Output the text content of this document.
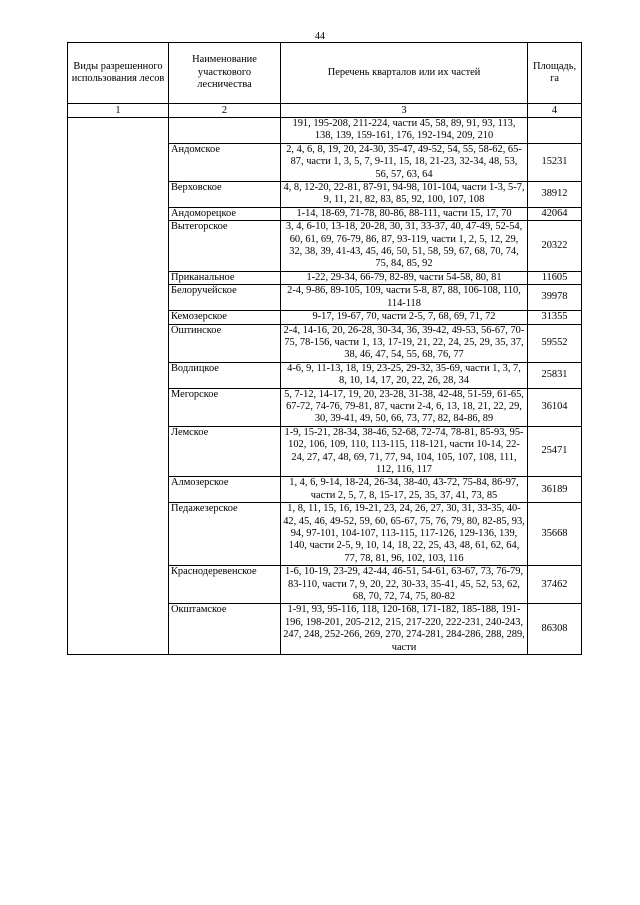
44
Виды разрешенного использования лесов	Наименование участкового лесничества	Перечень кварталов или их частей	Площадь, га
1	2	3	4
		191, 195-208, 211-224, части 45, 58, 89, 91, 93, 113, 138, 139, 159-161, 176, 192-194, 209, 210	
	Андомское	2, 4, 6, 8, 19, 20, 24-30, 35-47, 49-52, 54, 55, 58-62, 65-87, части 1, 3, 5, 7, 9-11, 15, 18, 21-23, 32-34, 48, 53, 56, 57, 63, 64	15231
	Верховское	4, 8, 12-20, 22-81, 87-91, 94-98, 101-104, части 1-3, 5-7, 9, 11, 21, 82, 83, 85, 92, 100, 107, 108	38912
	Андоморецкое	1-14, 18-69, 71-78, 80-86, 88-111, части 15, 17, 70	42064
	Вытегорское	3, 4, 6-10, 13-18, 20-28, 30, 31, 33-37, 40, 47-49, 52-54, 60, 61, 69, 76-79, 86, 87, 93-119, части 1, 2, 5, 12, 29, 32, 38, 39, 41-43, 45, 46, 50, 51, 58, 59, 67, 68, 70, 74, 75, 84, 85, 92	20322
	Приканальное	1-22, 29-34, 66-79, 82-89, части 54-58, 80, 81	11605
	Белоручейское	2-4, 9-86, 89-105, 109, части 5-8, 87, 88, 106-108, 110, 114-118	39978
	Кемозерское	9-17, 19-67, 70, части 2-5, 7, 68, 69, 71, 72	31355
	Оштинское	2-4, 14-16, 20, 26-28, 30-34, 36, 39-42, 49-53, 56-67, 70-75, 78-156, части 1, 13, 17-19, 21, 22, 24, 25, 29, 35, 37, 38, 46, 47, 54, 55, 68, 76, 77	59552
	Водлицкое	4-6, 9, 11-13, 18, 19, 23-25, 29-32, 35-69, части 1, 3, 7, 8, 10, 14, 17, 20, 22, 26, 28, 34	25831
	Мегорское	5, 7-12, 14-17, 19, 20, 23-28, 31-38, 42-48, 51-59, 61-65, 67-72, 74-76, 79-81, 87, части 2-4, 6, 13, 18, 21, 22, 29, 30, 39-41, 49, 50, 66, 73, 77, 82, 84-86, 89	36104
	Лемское	1-9, 15-21, 28-34, 38-46, 52-68, 72-74, 78-81, 85-93, 95-102, 106, 109, 110, 113-115, 118-121, части 10-14, 22-24, 27, 47, 48, 69, 71, 77, 94, 104, 105, 107, 108, 111, 112, 116, 117	25471
	Алмозерское	1, 4, 6, 9-14, 18-24, 26-34, 38-40, 43-72, 75-84, 86-97, части 2, 5, 7, 8, 15-17, 25, 35, 37, 41, 73, 85	36189
	Педажезерское	1, 8, 11, 15, 16, 19-21, 23, 24, 26, 27, 30, 31, 33-35, 40-42, 45, 46, 49-52, 59, 60, 65-67, 75, 76, 79, 80, 82-85, 93, 94, 97-101, 104-107, 113-115, 117-126, 129-136, 139, 140, части 2-5, 9, 10, 14, 18, 22, 25, 43, 48, 61, 62, 64, 77, 78, 81, 96, 102, 103, 116	35668
	Краснодеревенское	1-6, 10-19, 23-29, 42-44, 46-51, 54-61, 63-67, 73, 76-79, 83-110, части 7, 9, 20, 22, 30-33, 35-41, 45, 52, 53, 62, 68, 70, 72, 74, 75, 80-82	37462
	Окштамское	1-91, 93, 95-116, 118, 120-168, 171-182, 185-188, 191-196, 198-201, 205-212, 215, 217-220, 222-231, 240-243, 247, 248, 252-266, 269, 270, 274-281, 284-286, 288, 289, части	86308
